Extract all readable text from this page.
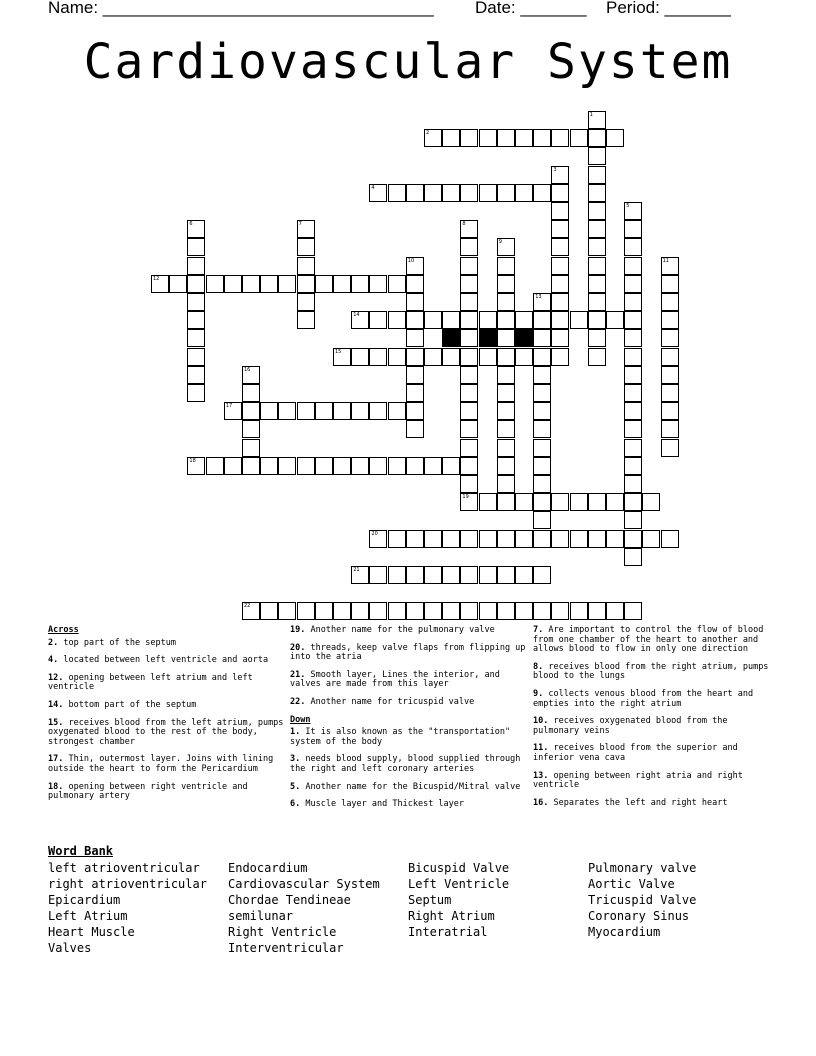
Name: ___________________________________ Date: _______ Period: _______
Cardiovascular System
1
2
3
4
5
6	7	8
9
10	11
12
13
14
15
16
17
18
19
20
21
22
Across
2. top part of the septum
4. located between left ventricle and aorta
12. opening between left atrium and left ventricle
14. bottom part of the septum
15. receives blood from the left atrium, pumps oxygenated blood to the rest of the body, strongest chamber
17. Thin, outermost layer. Joins with lining outside the heart to form the Pericardium
18. opening between right ventricle and pulmonary artery
19. Another name for the pulmonary valve
20. threads, keep valve flaps from flipping up into the atria
21. Smooth layer, Lines the interior, and valves are made from this layer
22. Another name for tricuspid valve
Down
1. It is also known as the "transportation" system of the body
3. needs blood supply, blood supplied through the right and left coronary arteries
5. Another name for the Bicuspid/Mitral valve
6. Muscle layer and Thickest layer
7. Are important to control the flow of blood from one chamber of the heart to another and allows blood to flow in only one direction
8. receives blood from the right atrium, pumps blood to the lungs
9. collects venous blood from the heart and empties into the right atrium
10. receives oxygenated blood from the pulmonary veins
11. receives blood from the superior and inferior vena cava
13. opening between right atria and right ventricle
16. Separates the left and right heart
Word Bank
left atrioventricular
right atrioventricular
Epicardium
Left Atrium
Heart Muscle
Valves
Endocardium
Cardiovascular System
Chordae Tendineae
semilunar
Right Ventricle
Interventricular
Bicuspid Valve
Left Ventricle
Septum
Right Atrium
Interatrial
Pulmonary valve
Aortic Valve
Tricuspid Valve
Coronary Sinus
Myocardium
